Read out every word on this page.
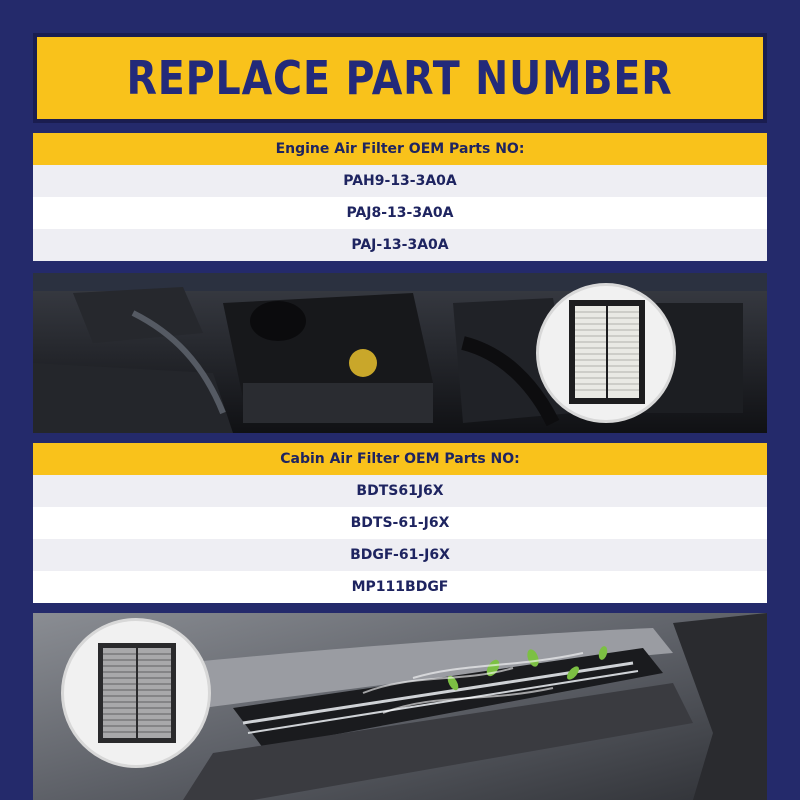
REPLACE PART NUMBER
Engine Air Filter OEM Parts NO:
PAH9-13-3A0A
PAJ8-13-3A0A
PAJ-13-3A0A
Cabin Air Filter OEM Parts NO:
BDTS61J6X
BDTS-61-J6X
BDGF-61-J6X
MP111BDGF
